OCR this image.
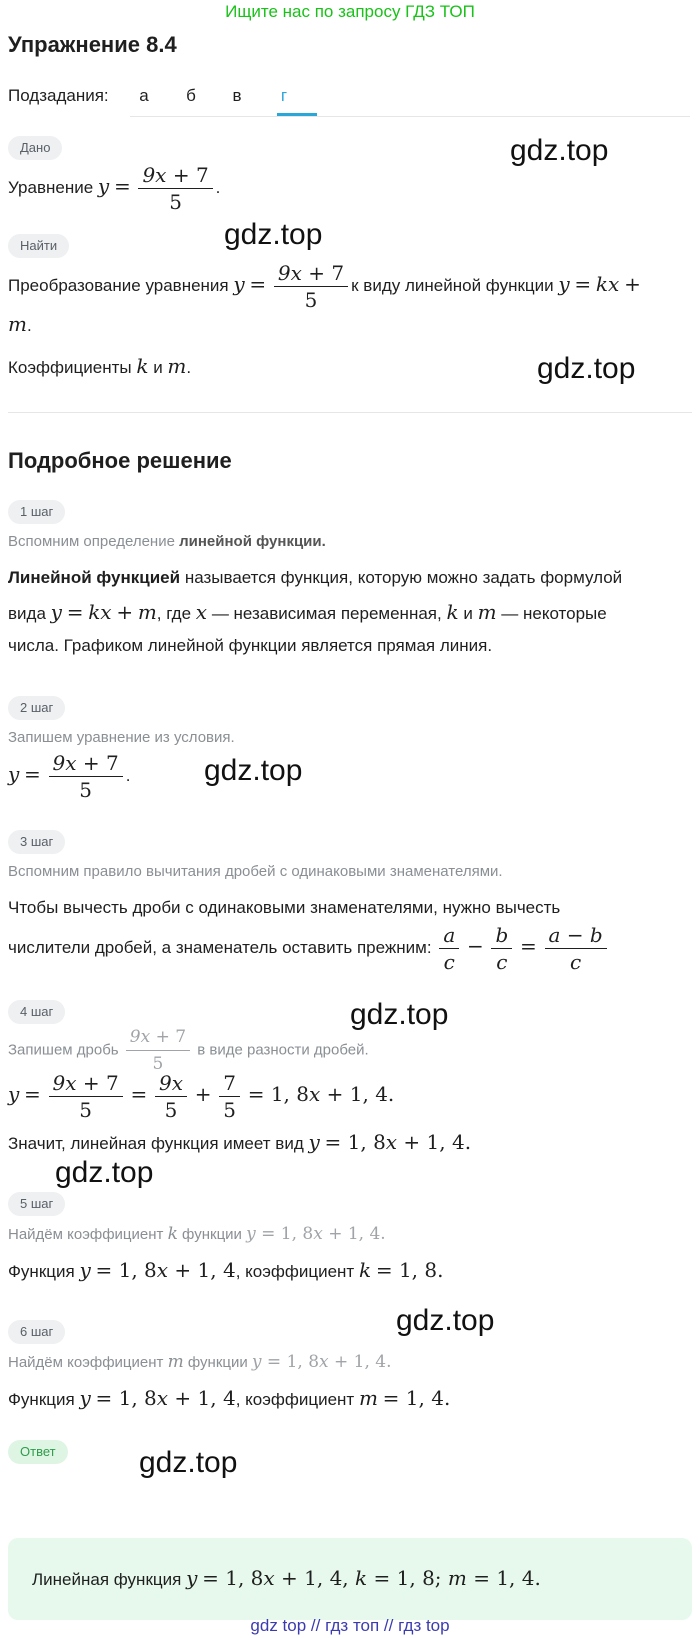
Ищите нас по запросу ГДЗ ТОП
Упражнение 8.4
Подзадания:	а	б	в	г
Дано
Уравнение $y = \frac{9x + 7}{5}$ .
Найти
Преобразование уравнения $y = \frac{9x + 7}{5}$ к виду линейной функции y = kx +
m.
Коэффициенты k и m.
Подробное решение
1 шаг
Вспомним определение линейной функции.
Линейной функцией называется функция, которую можно задать формулой
вида y = kx + m, где x — независимая переменная, k и m — некоторые
числа. Графиком линейной функции является прямая линия.
2 шаг
Запишем уравнение из условия.
$y = \frac{9x + 7}{5}$ .
3 шаг
Вспомним правило вычитания дробей с одинаковыми знаменателями.
Чтобы вычесть дроби с одинаковыми знаменателями, нужно вычесть
числители дробей, а знаменатель оставить прежним: $\frac{a}{c} - \frac{b}{c} = \frac{a - b}{c}$
4 шаг
Запишем дробь $\frac{9x + 7}{5}$ в виде разности дробей.
$y = \frac{9x + 7}{5} = \frac{9x}{5} + \frac{7}{5} = 1$, 8x + 1, 4.
Значит, линейная функция имеет вид y = 1, 8x + 1, 4.
5 шаг
Найдём коэффициент k функции y = 1, 8x + 1, 4.
Функция y = 1, 8x + 1, 4, коэффициент k = 1, 8.
6 шаг
Найдём коэффициент m функции y = 1, 8x + 1, 4.
Функция y = 1, 8x + 1, 4, коэффициент m = 1, 4.
Ответ
Линейная функция y = 1, 8x + 1, 4, k = 1, 8; m = 1, 4.
gdz.top
gdz.top
gdz.top
gdz.top
gdz.top
gdz.top
gdz.top
gdz.top
gdz top // гдз топ // гдз top
